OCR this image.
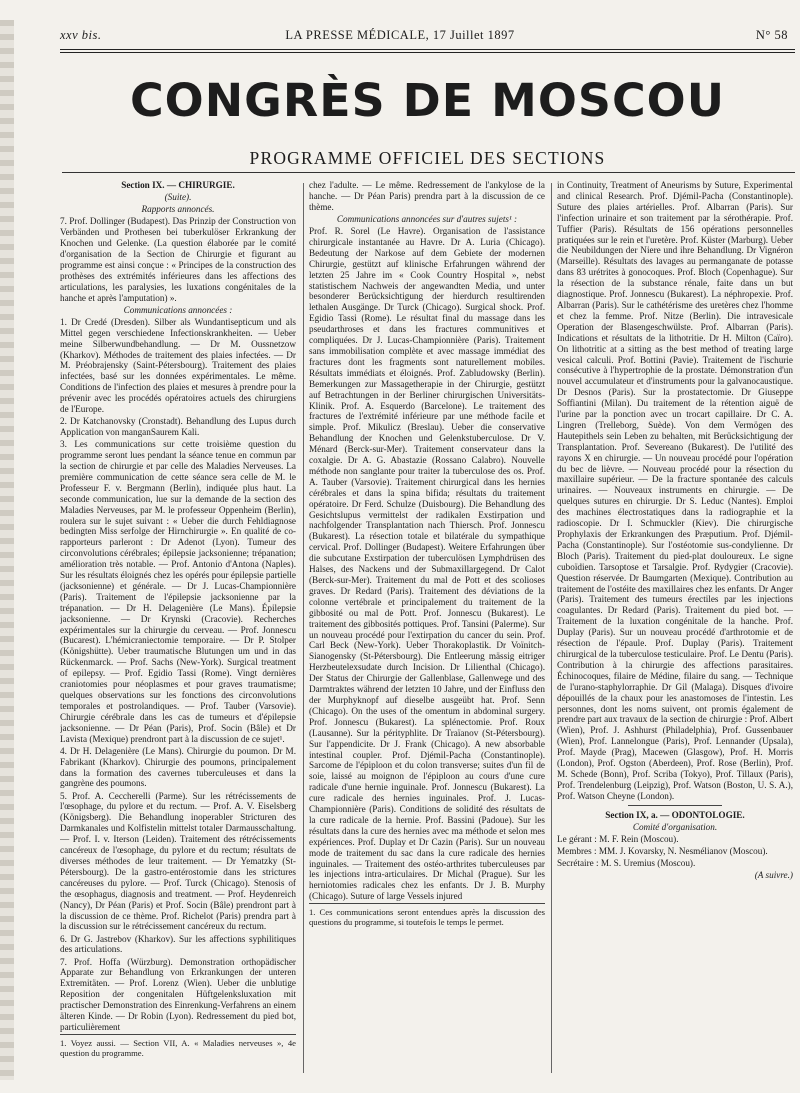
xxv bis.	LA PRESSE MÉDICALE, 17 Juillet 1897	N° 58
CONGRÈS DE MOSCOU
PROGRAMME OFFICIEL DES SECTIONS

Section IX. — CHIRURGIE.

(Suite).

Rapports annoncés.

7. Prof. Dollinger (Budapest). Das Prinzip der Construction von Verbänden und Prothesen bei tuberkulöser Erkrankung der Knochen und Gelenke. (La question élaborée par le comité d'organisation de la Section de Chirurgie et figurant au programme est ainsi conçue : « Principes de la construction des prothèses des extrémités inférieures dans les affections des articulations, les paralysies, les luxations congénitales de la hanche et après l'amputation) ».

Communications annoncées :

1. Dr Credé (Dresden). Silber als Wundantisepticum und als Mittel gegen verschiedene Infectionskrankheiten. — Ueber meine Silberwundbehandlung. — Dr M. Oussnetzow (Kharkov). Méthodes de traitement des plaies infectées. — Dr M. Préobrajensky (Saint-Pétersbourg). Traitement des plaies infectées, basé sur les données expérimentales. Le même. Conditions de l'infection des plaies et mesures à prendre pour la prévenir avec les procédés opératoires actuels des chirurgiens de l'Europe.

2. Dr Katchanovsky (Cronstadt). Behandlung des Lupus durch Application von manganSaurem Kali.

3. Les communications sur cette troisième question du programme seront lues pendant la séance tenue en commun par la section de chirurgie et par celle des Maladies Nerveuses. La première communication de cette séance sera celle de M. le Professeur F. v. Bergmann (Berlin), indiquée plus haut. La seconde communication, lue sur la demande de la section des Maladies Nerveuses, par M. le professeur Oppenheim (Berlin), roulera sur le sujet suivant : « Ueber die durch Fehldiagnose bedingten Miss serfolge der Hirnchirurgie ». En qualité de co-rapporteurs parleront : Dr Adenot (Lyon). Tumeur des circonvolutions cérébrales; épilepsie jacksonienne; trépanation; amélioration très notable. — Prof. Antonio d'Antona (Naples). Sur les résultats éloignés chez les opérés pour épilepsie partielle (jacksonienne) et générale. — Dr J. Lucas-Championnière (Paris). Traitement de l'épilepsie jacksonienne par la trépanation. — Dr H. Delagenière (Le Mans). Épilepsie jacksonienne. — Dr Krynski (Cracovie). Recherches expérimentales sur la chirurgie du cerveau. — Prof. Jonnescu (Bucarest). L'hémicraniectomie temporaire. — Dr P. Stolper (Königshütte). Ueber traumatische Blutungen um und in das Rückenmarck. — Prof. Sachs (New-York). Surgical treatment of epilepsy. — Prof. Egidio Tassi (Rome). Vingt dernières craniotomies pour néoplasmes et pour graves traumatisme; quelques observations sur les fonctions des circonvolutions temporales et postrolandiques. — Prof. Tauber (Varsovie). Chirurgie cérébrale dans les cas de tumeurs et d'épilepsie jacksonienne. — Dr Péan (Paris), Prof. Socin (Bâle) et Dr Lavista (Mexique) prendront part à la discussion de ce sujet¹.

4. Dr H. Delagenière (Le Mans). Chirurgie du poumon. Dr M. Fabrikant (Kharkov). Chirurgie des poumons, principalement dans la formation des cavernes tuberculeuses et dans la gangrène des poumons.

5. Prof. A. Ceccherelli (Parme). Sur les rétrécissements de l'œsophage, du pylore et du rectum. — Prof. A. V. Eiselsberg (Königsberg). Die Behandlung inoperabler Stricturen des Darmkanales und Kolfistelin mittelst totaler Darmausschaltung. — Prof. I. v. Iterson (Leiden). Traitement des rétrécissements cancéreux de l'œsophage, du pylore et du rectum; résultats de diverses méthodes de leur traitement. — Dr Yematzky (St-Pétersbourg). De la gastro-entérostomie dans les strictures cancéreuses du pylore. — Prof. Turck (Chicago). Stenosis of the œsophagus, diagnosis and treatment. — Prof. Heydenreich (Nancy), Dr Péan (Paris) et Prof. Socin (Bâle) prendront part à la discussion de ce thème. Prof. Richelot (Paris) prendra part à la discussion sur le rétrécissement cancéreux du rectum.

6. Dr G. Jastrebov (Kharkov). Sur les affections syphilitiques des articulations.

7. Prof. Hoffa (Würzburg). Demonstration orthopädischer Apparate zur Behandlung von Erkrankungen der unteren Extremitäten. — Prof. Lorenz (Wien). Ueber die unblutige Reposition der congenitalen Hüftgelenksluxation mit practischer Demonstration des Einrenkung-Verfahrens an einem älteren Kinde. — Dr Robin (Lyon). Redressement du pied bot, particulièrement

1. Voyez aussi. — Section VII, A. « Maladies nerveuses », 4e question du programme.

chez l'adulte. — Le même. Redressement de l'ankylose de la hanche. — Dr Péan Paris) prendra part à la discussion de ce thème.

Communications annoncées sur d'autres sujets¹ :

Prof. R. Sorel (Le Havre). Organisation de l'assistance chirurgicale instantanée au Havre. Dr A. Luria (Chicago). Bedeutung der Narkose auf dem Gebiete der modernen Chirurgie, gestützt auf klinische Erfahrungen während der letzten 25 Jahre im « Cook Country Hospital », nebst statistischem Nachweis der angewandten Media, und unter besonderer Berücksichtigung der hierdurch resultirenden lethalen Ausgänge. Dr Turck (Chicago). Surgical shock. Prof. Egidio Tassi (Rome). Le résultat final du massage dans les pseudarthroses et dans les fractures communitives et compliquées. Dr J. Lucas-Championnière (Paris). Traitement sans immobilisation complète et avec massage immédiat des fractures dont les fragments sont naturellement mobiles. Résultats immédiats et éloignés. Prof. Zabludowsky (Berlin). Bemerkungen zur Massagetherapie in der Chirurgie, gestützt auf Betrachtungen in der Berliner chirurgischen Universitäts-Klinik. Prof. A. Esquerdo (Barcelone). Le traitement des fractures de l'extrémité inférieure par une méthode facile et simple. Prof. Mikulicz (Breslau). Ueber die conservative Behandlung der Knochen und Gelenkstuberculose. Dr V. Ménard (Berck-sur-Mer). Traitement conservateur dans la coxalgie. Dr A. G. Abastazie (Rossano Calabro). Nouvelle méthode non sanglante pour traiter la tuberculose des os. Prof. A. Tauber (Varsovie). Traitement chirurgical dans les hernies cérébrales et dans la spina bifida; résultats du traitement opératoire. Dr Ferd. Schulze (Duisbourg). Die Behandlung des Gesichtslupus vermittelst der radikalen Exstirpation und nachfolgender Transplantation nach Thiersch. Prof. Jonnescu (Bukarest). La résection totale et bilatérale du sympathique cervical. Prof. Dollinger (Budapest). Weitere Erfahrungen über die subcutane Exstirpation der tuberculösen Lymphdrüsen des Halses, des Nackens und der Submaxillargegend. Dr Calot (Berck-sur-Mer). Traitement du mal de Pott et des scolioses graves. Dr Redard (Paris). Traitement des déviations de la colonne vertébrale et principalement du traitement de la gibbosité ou mal de Pott. Prof. Jonnescu (Bukarest). Le traitement des gibbosités pottiques. Prof. Tansini (Palerme). Sur un nouveau procédé pour l'extirpation du cancer du sein. Prof. Carl Beck (New-York). Ueber Thorakoplastik. Dr Voïnitch-Sianogensky (St-Pétersbourg). Die Entleerung mässig eitriger Herzbeutelexsudate durch Incision. Dr Lilienthal (Chicago). Der Status der Chirurgie der Gallenblase, Gallenwege und des Darmtraktes während der letzten 10 Jahre, und der Einfluss den der Murphyknopf auf dieselbe ausgeübt hat. Prof. Senn (Chicago). On the uses of the omentum in abdominal surgery. Prof. Jonnescu (Bukarest). La splénectomie. Prof. Roux (Lausanne). Sur la pérityphlite. Dr Traïanov (St-Pétersbourg). Sur l'appendicite. Dr J. Frank (Chicago). A new absorbable intestinal coupler. Prof. Djémil-Pacha (Constantinople). Sarcome de l'épiploon et du colon transverse; suites d'un fil de soie, laissé au moignon de l'épiploon au cours d'une cure radicale d'une hernie inguinale. Prof. Jonnescu (Bukarest). La cure radicale des hernies inguinales. Prof. J. Lucas-Championnière (Paris). Conditions de solidité des résultats de la cure radicale de la hernie. Prof. Bassini (Padoue). Sur les résultats dans la cure des hernies avec ma méthode et selon mes expériences. Prof. Duplay et Dr Cazin (Paris). Sur un nouveau mode de traitement du sac dans la cure radicale des hernies inguinales. — Traitement des ostéo-arthrites tuberculeuses par les injections intra-articulaires. Dr Michal (Prague). Sur les herniotomies radicales chez les enfants. Dr J. B. Murphy (Chicago). Suture of large Vessels injured

1. Ces communications seront entendues après la discussion des questions du programme, si toutefois le temps le permet.

in Continuity, Treatment of Aneurisms by Suture, Experimental and clinical Research. Prof. Djémil-Pacha (Constantinople). Suture des plaies artérielles. Prof. Albarran (Paris). Sur l'infection urinaire et son traitement par la sérothérapie. Prof. Tuffier (Paris). Résultats de 156 opérations personnelles pratiquées sur le rein et l'uretère. Prof. Küster (Marburg). Ueber die Neubildungen der Niere und ihre Behandlung. Dr Vignéron (Marseille). Résultats des lavages au permanganate de potasse dans 83 urétrites à gonocoques. Prof. Bloch (Copenhague). Sur la résection de la substance rénale, faite dans un but diagnostique. Prof. Jonnescu (Bukarest). La néphropexie. Prof. Albarran (Paris). Sur le cathétérisme des uretères chez l'homme et chez la femme. Prof. Nitze (Berlin). Die intravesicale Operation der Blasengeschwülste. Prof. Albarran (Paris). Indications et résultats de la lithotritie. Dr H. Milton (Caïro). On lithotritic at a sitting as the best method of treating large vesical calculi. Prof. Bottini (Pavie). Traitement de l'ischurie consécutive à l'hypertrophie de la prostate. Démonstration d'un nouvel accumulateur et d'instruments pour la galvanocaustique. Dr Desnos (Paris). Sur la prostatectomie. Dr Giuseppe Soffiantini (Milan). Du traitement de la rétention aiguë de l'urine par la ponction avec un trocart capillaire. Dr C. A. Lingren (Trelleborg, Suède). Von dem Vermögen des Hautepithels sein Leben zu behalten, mit Berücksichtigung der Transplantation. Prof. Severeano (Bukarest). De l'utilité des rayons X en chirurgie. — Un nouveau procédé pour l'opération du bec de lièvre. — Nouveau procédé pour la résection du maxillaire supérieur. — De la fracture spontanée des calculs urinaires. — Nouveaux instruments en chirurgie. — De quelques sutures en chirurgie. Dr S. Leduc (Nantes). Emploi des machines électrostatiques dans la radiographie et la radioscopie. Dr I. Schmuckler (Kiev). Die chirurgische Prophylaxis der Erkrankungen des Præputium. Prof. Djémil-Pacha (Constantinople). Sur l'ostéotomie sus-condylienne. Dr Bloch (Paris). Traitement du pied-plat douloureux. Le signe cuboïdien. Tarsoptose et Tarsalgie. Prof. Rydygier (Cracovie). Question réservée. Dr Baumgarten (Mexique). Contribution au traitement de l'ostéite des maxillaires chez les enfants. Dr Anger (Paris). Traitement des tumeurs érectiles par les injections coagulantes. Dr Redard (Paris). Traitement du pied bot. — Traitement de la luxation congénitale de la hanche. Prof. Duplay (Paris). Sur un nouveau procédé d'arthrotomie et de résection de l'épaule. Prof. Duplay (Paris). Traitement chirurgical de la tuberculose testiculaire. Prof. Le Dentu (Paris). Contribution à la chirurgie des affections parasitaires. Échinocoques, filaire de Médine, filaire du sang. — Technique de l'urano-staphylorraphie. Dr Gil (Malaga). Disques d'ivoire dépouillés de la chaux pour les anastomoses de l'intestin. Les personnes, dont les noms suivent, ont promis également de prendre part aux travaux de la section de chirurgie : Prof. Albert (Wien), Prof. J. Ashhurst (Philadelphia), Prof. Gussenbauer (Wien), Prof. Lannelongue (Paris), Prof. Lennander (Upsala), Prof. Mayde (Prag), Macewen (Glasgow), Prof. H. Morris (London), Prof. Ogston (Aberdeen), Prof. Rose (Berlin), Prof. M. Schede (Bonn), Prof. Scriba (Tokyo), Prof. Tillaux (Paris), Prof. Trendelenburg (Leipzig), Prof. Watson (Boston, U. S. A.), Prof. Watson Cheyne (London).

Section IX, a. — ODONTOLOGIE.

Comité d'organisation.

Le gérant : M. F. Rein (Moscou).

Membres : MM. J. Kovarsky, N. Nesmélianov (Moscou).

Secrétaire : M. S. Uremius (Moscou).

(A suivre.)
